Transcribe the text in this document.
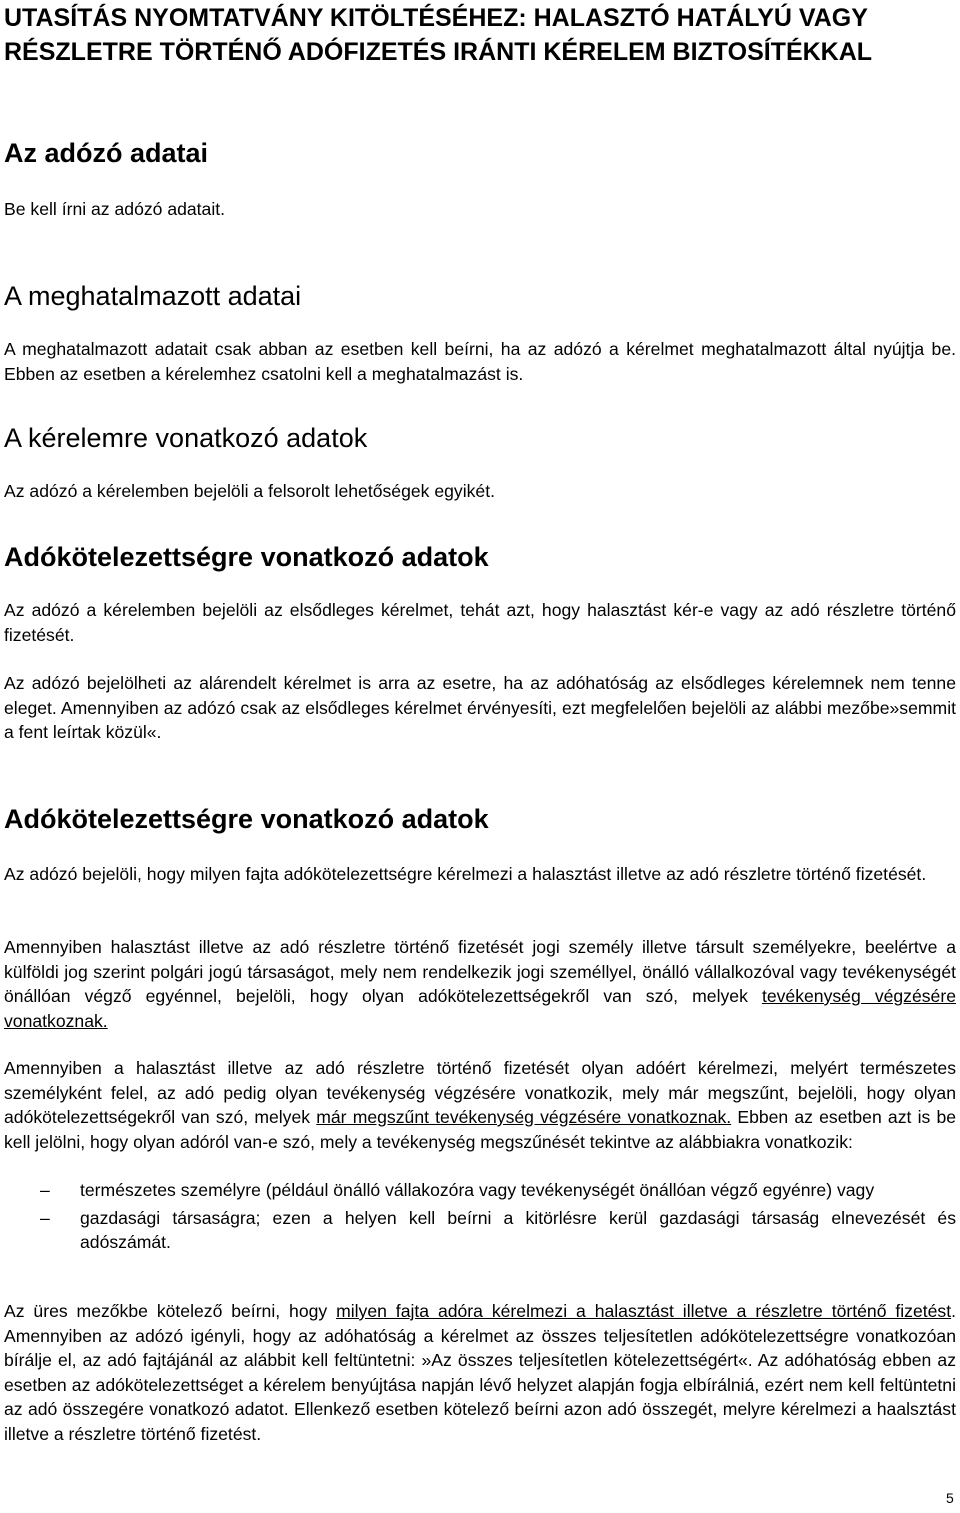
UTASÍTÁS NYOMTATVÁNY KITÖLTÉSÉHEZ: HALASZTÓ HATÁLYÚ VAGY RÉSZLETRE TÖRTÉNŐ ADÓFIZETÉS IRÁNTI KÉRELEM BIZTOSÍTÉKKAL
Az adózó adatai

Be kell írni az adózó adatait.

A meghatalmazott adatai

A meghatalmazott adatait csak abban az esetben kell beírni, ha az adózó a kérelmet meghatalmazott által nyújtja be. Ebben az esetben a kérelemhez csatolni kell a meghatalmazást is.

A kérelemre vonatkozó adatok

Az adózó a kérelemben bejelöli a felsorolt lehetőségek egyikét.

Adókötelezettségre vonatkozó adatok

Az adózó a kérelemben bejelöli az elsődleges kérelmet, tehát azt, hogy halasztást kér-e vagy az adó részletre történő fizetését.

Az adózó bejelölheti az alárendelt kérelmet is arra az esetre, ha az adóhatóság az elsődleges kérelemnek nem tenne eleget. Amennyiben az adózó csak az elsődleges kérelmet érvényesíti, ezt megfelelően bejelöli az alábbi mezőbe»semmit a fent leírtak közül«.

Adókötelezettségre vonatkozó adatok

Az adózó bejelöli, hogy milyen fajta adókötelezettségre kérelmezi a halasztást illetve az adó részletre történő fizetését.

Amennyiben halasztást illetve az adó részletre történő fizetését jogi személy illetve társult személyekre, beelértve a külföldi jog szerint polgári jogú társaságot, mely nem rendelkezik jogi személlyel, önálló vállalkozóval vagy tevékenységét önállóan végző egyénnel, bejelöli, hogy olyan adókötelezettségekről van szó, melyek tevékenység végzésére vonatkoznak.

Amennyiben a halasztást illetve az adó részletre történő fizetését olyan adóért kérelmezi, melyért természetes személyként felel, az adó pedig olyan tevékenység végzésére vonatkozik, mely már megszűnt, bejelöli, hogy olyan adókötelezettségekről van szó, melyek már megszűnt tevékenység végzésére vonatkoznak. Ebben az esetben azt is be kell jelölni, hogy olyan adóról van-e szó, mely a tevékenység megszűnését tekintve az alábbiakra vonatkozik:

– természetes személyre (például önálló vállakozóra vagy tevékenységét önállóan végző egyénre) vagy
– gazdasági társaságra; ezen a helyen kell beírni a kitörlésre kerül gazdasági társaság elnevezését és adószámát.

Az üres mezőkbe kötelező beírni, hogy milyen fajta adóra kérelmezi a halasztást illetve a részletre történő fizetést. Amennyiben az adózó igényli, hogy az adóhatóság a kérelmet az összes teljesítetlen adókötelezettségre vonatkozóan bírálje el, az adó fajtájánál az alábbit kell feltüntetni: »Az összes teljesítetlen kötelezettségért«. Az adóhatóság ebben az esetben az adókötelezettséget a kérelem benyújtása napján lévő helyzet alapján fogja elbírálniá, ezért nem kell feltüntetni az adó összegére vonatkozó adatot. Ellenkező esetben kötelező beírni azon adó összegét, melyre kérelmezi a haalsztást illetve a részletre történő fizetést.

5
